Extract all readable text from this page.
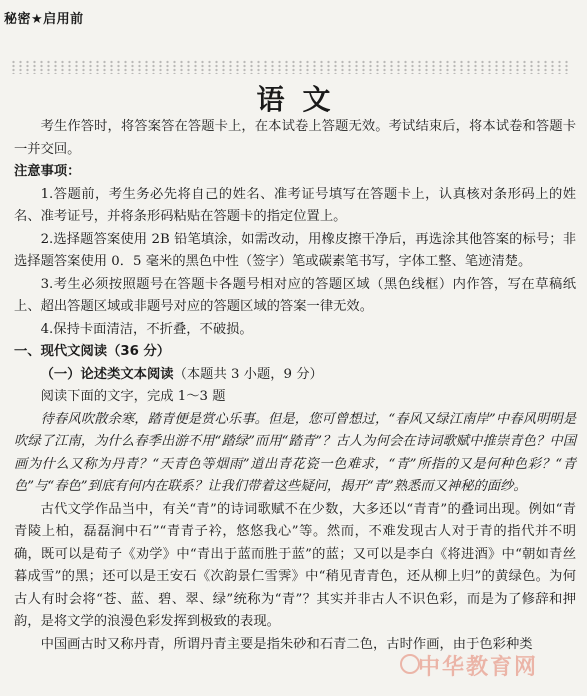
秘密★启用前
语文

考生作答时，将答案答在答题卡上，在本试卷上答题无效。考试结束后，将本试卷和答题卡一并交回。

注意事项：

1.答题前，考生务必先将自己的姓名、准考证号填写在答题卡上，认真核对条形码上的姓名、准考证号，并将条形码粘贴在答题卡的指定位置上。

2.选择题答案使用 2B 铅笔填涂，如需改动，用橡皮擦干净后，再选涂其他答案的标号；非选择题答案使用 0．5 毫米的黑色中性（签字）笔或碳素笔书写，字体工整、笔迹清楚。

3.考生必须按照题号在答题卡各题号相对应的答题区域（黑色线框）内作答，写在草稿纸上、超出答题区域或非题号对应的答题区域的答案一律无效。

4.保持卡面清洁，不折叠，不破损。

一、现代文阅读（36 分）

（一）论述类文本阅读（本题共 3 小题，9 分）

阅读下面的文字，完成 1～3 题

待春风吹散余寒，踏青便是赏心乐事。但是，您可曾想过，“春风又绿江南岸”中春风明明是吹绿了江南，为什么春季出游不用“踏绿”而用“踏青”？古人为何会在诗词歌赋中推崇青色？中国画为什么又称为丹青？“天青色等烟雨”道出青花瓷一色难求，“青”所指的又是何种色彩？“青色”与“春色”到底有何内在联系？让我们带着这些疑问，揭开“青”熟悉而又神秘的面纱。

古代文学作品当中，有关“青”的诗词歌赋不在少数，大多还以“青青”的叠词出现。例如“青青陵上柏，磊磊涧中石”“青青子衿，悠悠我心”等。然而，不难发现古人对于青的指代并不明确，既可以是荀子《劝学》中“青出于蓝而胜于蓝”的蓝；又可以是李白《将进酒》中“朝如青丝暮成雪”的黑；还可以是王安石《次韵景仁雪霁》中“稍见青青色，还从柳上归”的黄绿色。为何古人有时会将“苍、蓝、碧、翠、绿”统称为“青”？其实并非古人不识色彩，而是为了修辞和押韵，是将文学的浪漫色彩发挥到极致的表现。

中国画古时又称丹青，所谓丹青主要是指朱砂和石青二色，古时作画，由于色彩种类

中华教育网
